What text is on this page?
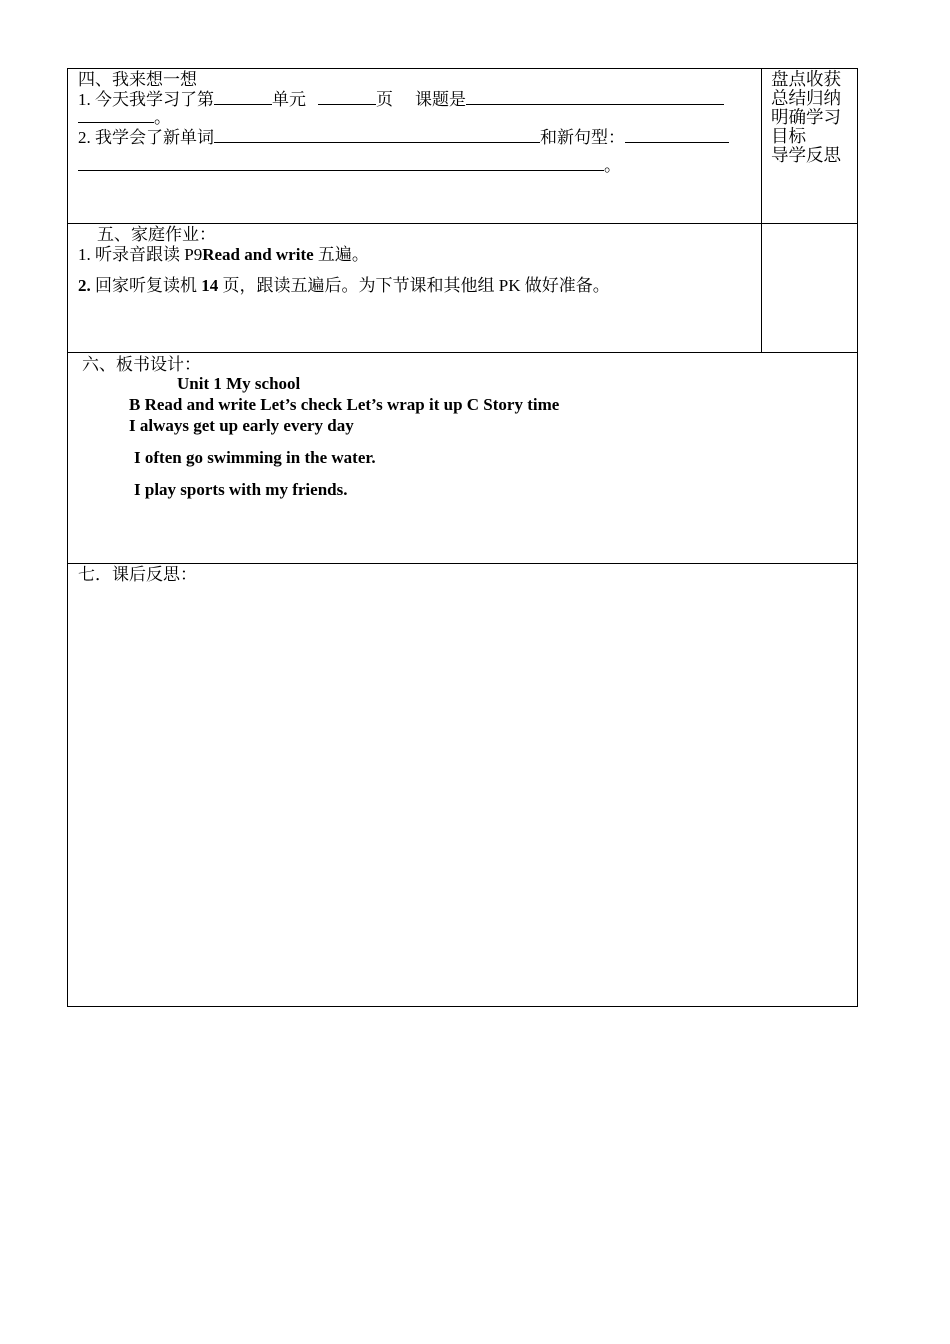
四、我来想一想
1. 今天我学习了第	单元	页 课题是
。
2. 我学会了新单词	和新句型：
。
盘点收获
总结归纳
明确学习
目标
导学反思
五、家庭作业：
1. 听录音跟读 P9Read and write 五遍。
2. 回家听复读机 14 页，跟读五遍后。为下节课和其他组 PK 做好准备。
六、板书设计：
Unit 1 My school
B Read and write Let’s check Let’s wrap it up C Story time
I always get up early every day
I often go swimming in the water.
I play sports with my friends.
七．课后反思：
